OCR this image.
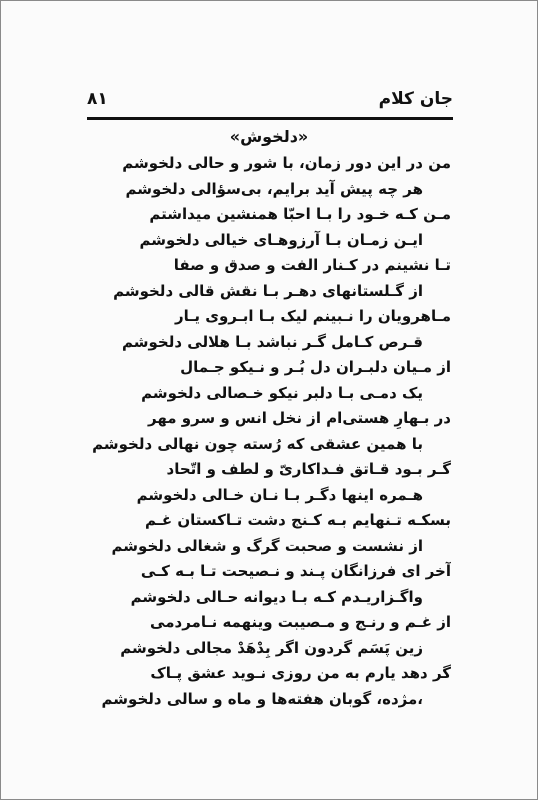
جان کلام
۸۱
«دلخوش»
من در این دور زمان، با شور و حالی دلخوشم
هر چه پیش آید برایم، بی‌سؤالی دلخوشم
مـن کـه خـود را بـا احبّا همنشین میداشتم
ایـن زمـان بـا آرزوهـای خیالی دلخوشم
تـا نشینم در کـنار الفت و صدق و صفا
از گـلستانهای دهـر بـا نقش قالی دلخوشم
مـاهرویان را نـبینم لیک بـا ابـروی یـار
قـرص کـامل گـر نباشد بـا هلالی دلخوشم
از مـیان دلبـران دل بُـر و نـیکو جـمال
یک دمـی بـا دلبر نیکو خـصالی دلخوشم
در بـهارِ هستی‌ام از نخل انس و سرو مهر
با همین عشقی که رُسته چون نهالی دلخوشم
گـر بـود قـاتق فـداکاریّ و لطف و اتّحاد
هـمره اینها دگـر بـا نـان خـالی دلخوشم
بسکـه تـنهایم بـه کـنج دشت تـاکستان غـم
از نشست و صحبت گرگ و شغالی دلخوشم
آخر ای فرزانگان پـند و نـصیحت تـا بـه کـی
واگـزاریـدم کـه بـا دیوانه حـالی دلخوشم
از غـم و رنـج و مـصیبت وینهمه نـامردمی
زین پَسَم گردون اگر بِدْهَدْ مجالی دلخوشم
گر دهد یارم به من روزی نـوید عشق پـاک
،مژده، گوبان هفته‌ها و ماه و سالی دلخوشم
